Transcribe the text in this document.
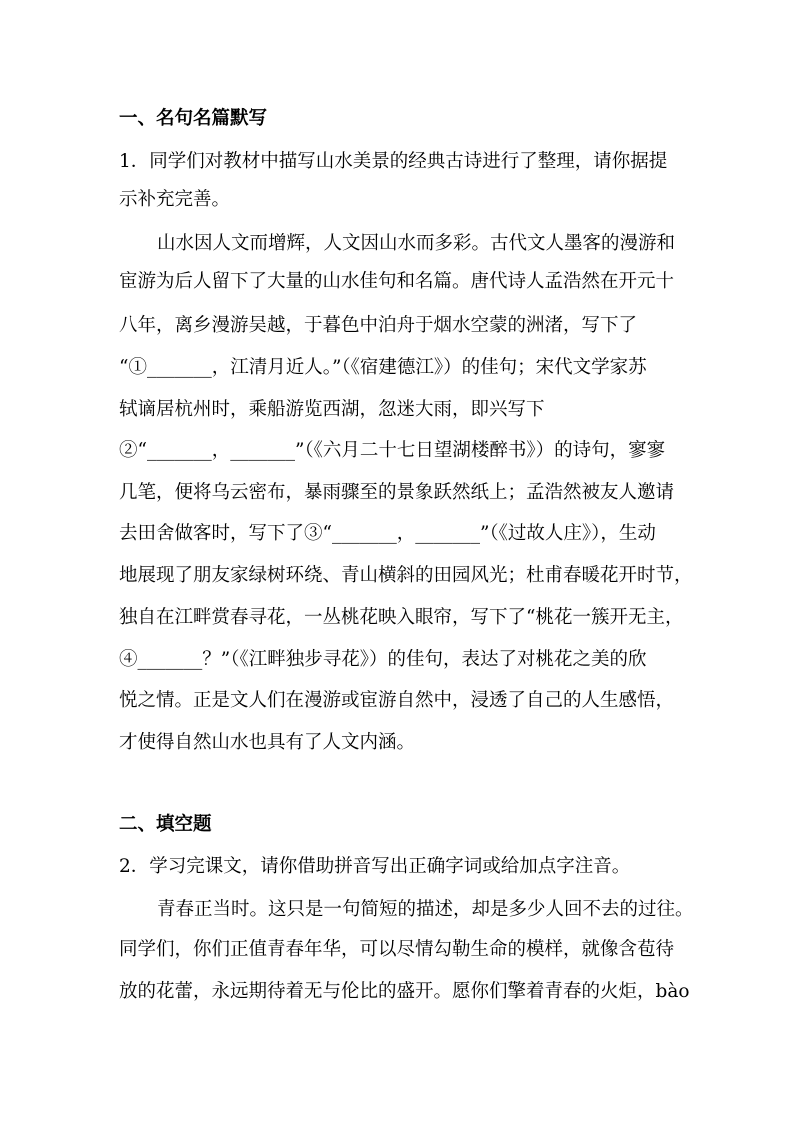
一、名句名篇默写
1．同学们对教材中描写山水美景的经典古诗进行了整理，请你据提
示补充完善。
山水因人文而增辉，人文因山水而多彩。古代文人墨客的漫游和
宦游为后人留下了大量的山水佳句和名篇。唐代诗人孟浩然在开元十
八年，离乡漫游吴越，于暮色中泊舟于烟水空蒙的洲渚，写下了
“①_______，江清月近人。”（《宿建德江》）的佳句；宋代文学家苏
轼谪居杭州时，乘船游览西湖，忽迷大雨，即兴写下
②“_______，_______”（《六月二十七日望湖楼醉书》）的诗句，寥寥
几笔，便将乌云密布，暴雨骤至的景象跃然纸上；孟浩然被友人邀请
去田舍做客时，写下了③“_______，_______”（《过故人庄》），生动
地展现了朋友家绿树环绕、青山横斜的田园风光；杜甫春暖花开时节，
独自在江畔赏春寻花，一丛桃花映入眼帘，写下了“桃花一簇开无主，
④_______？”（《江畔独步寻花》）的佳句，表达了对桃花之美的欣
悦之情。正是文人们在漫游或宦游自然中，浸透了自己的人生感悟，
才使得自然山水也具有了人文内涵。
二、填空题
2．学习完课文，请你借助拼音写出正确字词或给加点字注音。
青春正当时。这只是一句简短的描述，却是多少人回不去的过往。
同学们，你们正值青春年华，可以尽情勾勒生命的模样，就像含苞待
放的花蕾，永远期待着无与伦比的盛开。愿你们擎着青春的火炬，bào
